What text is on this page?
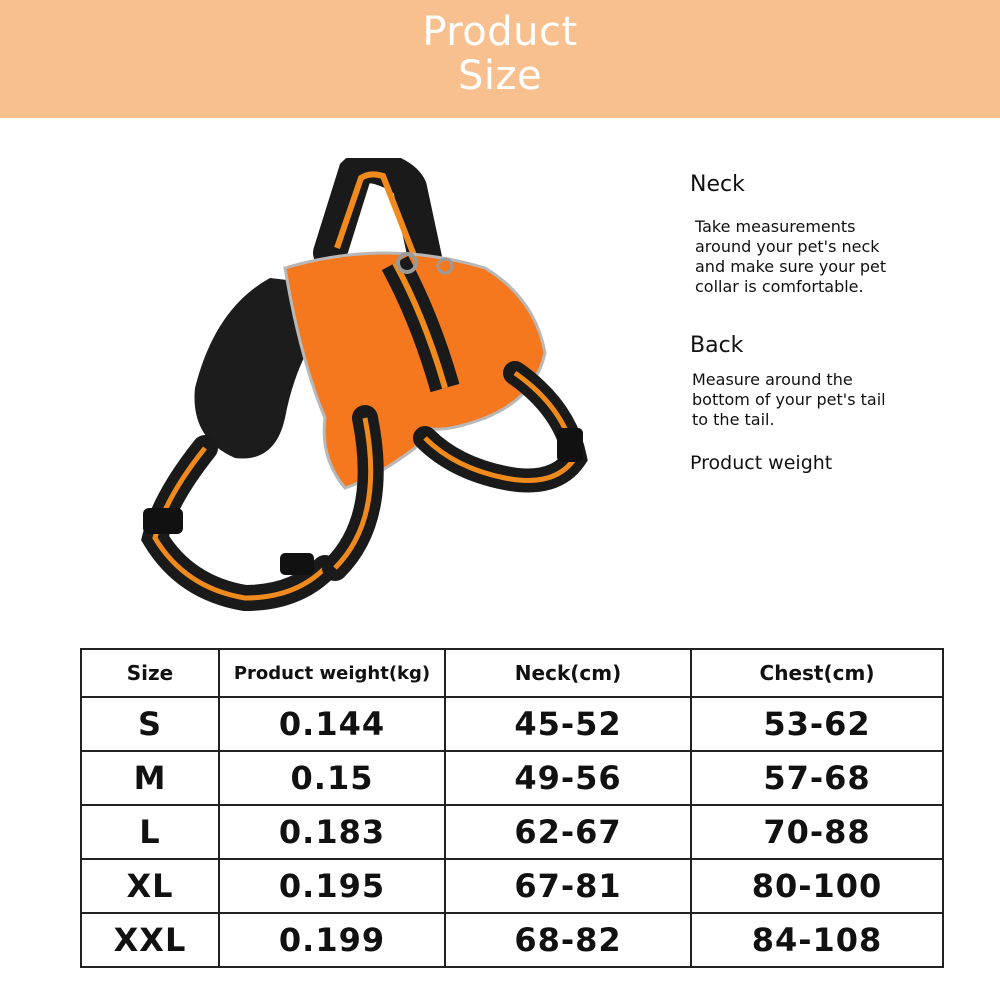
Product
Size
Neck
Take measurements
around your pet's neck
and make sure your pet
collar is comfortable.
Back
Measure around the
bottom of your pet's tail
to the tail.
Product weight
Size	Product weight(kg)	Neck(cm)	Chest(cm)
S	0.144	45-52	53-62
M	0.15	49-56	57-68
L	0.183	62-67	70-88
XL	0.195	67-81	80-100
XXL	0.199	68-82	84-108
